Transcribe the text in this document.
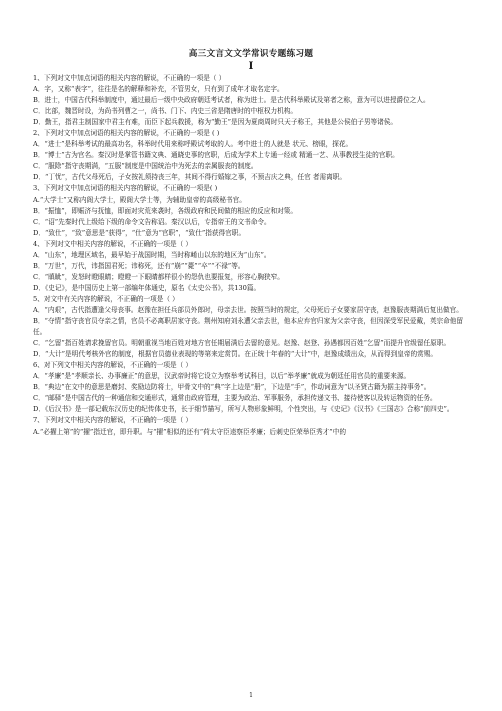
高三文言文文学常识专题练习题
I
1、下列对文中加点词语的相关内容的解说，不正确的一项是（ ）
A．字，又称“表字”，往往是名的解释和补充，不管男女，只有到了成年才取名定字。
B．进士，中国古代科举制度中，通过最后一级中央政府朝廷考试者，称为进士。是古代科举殿试及第者之称，意为可以进授爵位之人。
C．比部，魏晋时设，为尚书列曹之一，尚书、门下、内史三省是隋唐时的中枢权力机构。
D．勤王，指君主制国家中君主有难，而臣下起兵救援，称为“勤王”是因为夏商周时只天子称王，其他是公侯伯子男等诸侯。
2、下列对文中加点词语的相关内容的解说，不正确的一项是 ( )
A．“进士”是科举考试的最高功名，科举时代用来称呼殿试考取的人。考中进士的人就是 状元、榜眼，探花。
B．“博士”古为官名。秦汉时是掌管书籍文典、通晓史事的官职，后成为学术上专通一经或 精通一艺、从事教授生徒的官职。
C．“服除”指守丧期满，“五服”制度是中国统治中为死去的亲属服丧的制度。
D．“丁忧”，古代父母死后，子女按礼须持丧三年，其间不得行婚嫁之事，不预吉庆之典，任官 者需离职。
3、下列对文中加点词语的相关内容的解说，不正确的一项是( )
A.“大学士”又称内阁大学士，殿阁大学士等，为辅助皇帝的高级秘书官。
B．“振恤”，即赈济与抚恤，即面对灾荒来袭时，各级政府和民间做的相应的反应和对策。
C．“诏”先秦时代上级给下级的命令文告称诏。秦汉以后，专指帝王的文书命令。
D．“致仕”，“致”意思是“获得”，“仕”意为“官职”，“致仕”指获得官职。
4、下列对文中相关内容的解说，不正确的一项是（ ）
A．“山东”，地理区域名，最早始于战国时期，当时称崤山以东的地区为“山东”。
B．“万世”，万代，讳指国君死；讳称死，还有“崩”“薨”“卒”“不禄”等。
C．“瞋眦”，发怒时瞪眼睛；瞪瞪一下眼睛都样很小的怨仇也要报复，形容心胸狭窄。
D．《史记》，是中国历史上第一部编年体通史，原名《太史公书》，共130篇。
5、对文中有关内容的解说，不正确的一项是（ ）
A．“内艰”，古代指遭逢父母丧事。赵豫在担任兵部员外郎时，母亲去世。按照当时的规定，父母死后子女要家居守丧，赵豫服丧期满后复出做官。
B．“夺情”指守丧官员夺亲之情，官员不必离职居家守丧。荆州知府刘永遭父亲去世，他本应弃官归家为父亲守丧，但因深受军民爱戴，英宗命他留任。
C．“乞留”指百姓请求挽留官员。明朝重视当地百姓对地方官任期届满后去留的意见。赵豫、赵登、孙遇都因百姓“乞留”而提升官级留任原职。
D．“大计”是明代考核外官的制度，根据官员德业表现的等第来定赏罚。在正统十年春的“大计”中，赵豫成绩出众，从而得到皇帝的赏赐。
6、对下列文中相关内容的解说，不正确的一项是（ ）
A．“孝廉”是“孝顺亲长、办事廉正”的意思，汉武帝时将它设立为察举考试科目，以后“举孝廉”就成为朝廷任用官员的重要来源。
B．“典边”在文中的意思是磨封、奖励边防将士，甲骨文中的“典”字上边是“册”，下边是“手”，作动词意为“以圣贤古籍为据主持事务”。
C．“邮驿”是中国古代的一种通信和交通形式，通常由政府管理，主要为政治、军事服务，承担传递文书、接待使客以及转运物资的任务。
D．《后汉书》是一部记载东汉历史的纪传体史书，长于细节描写，所写人物形象鲜明，个性突出，与《史记》《汉书》《三国志》合称“前四史”。
7、下列对文中相关内容的解说，不正确的一项是（ ）
A.“必擢上第”的“擢”指迁官，即升职。与“擢”相似的还有“荷太守臣逵察臣孝廉；后刺史臣荣举臣秀才”中的
1
